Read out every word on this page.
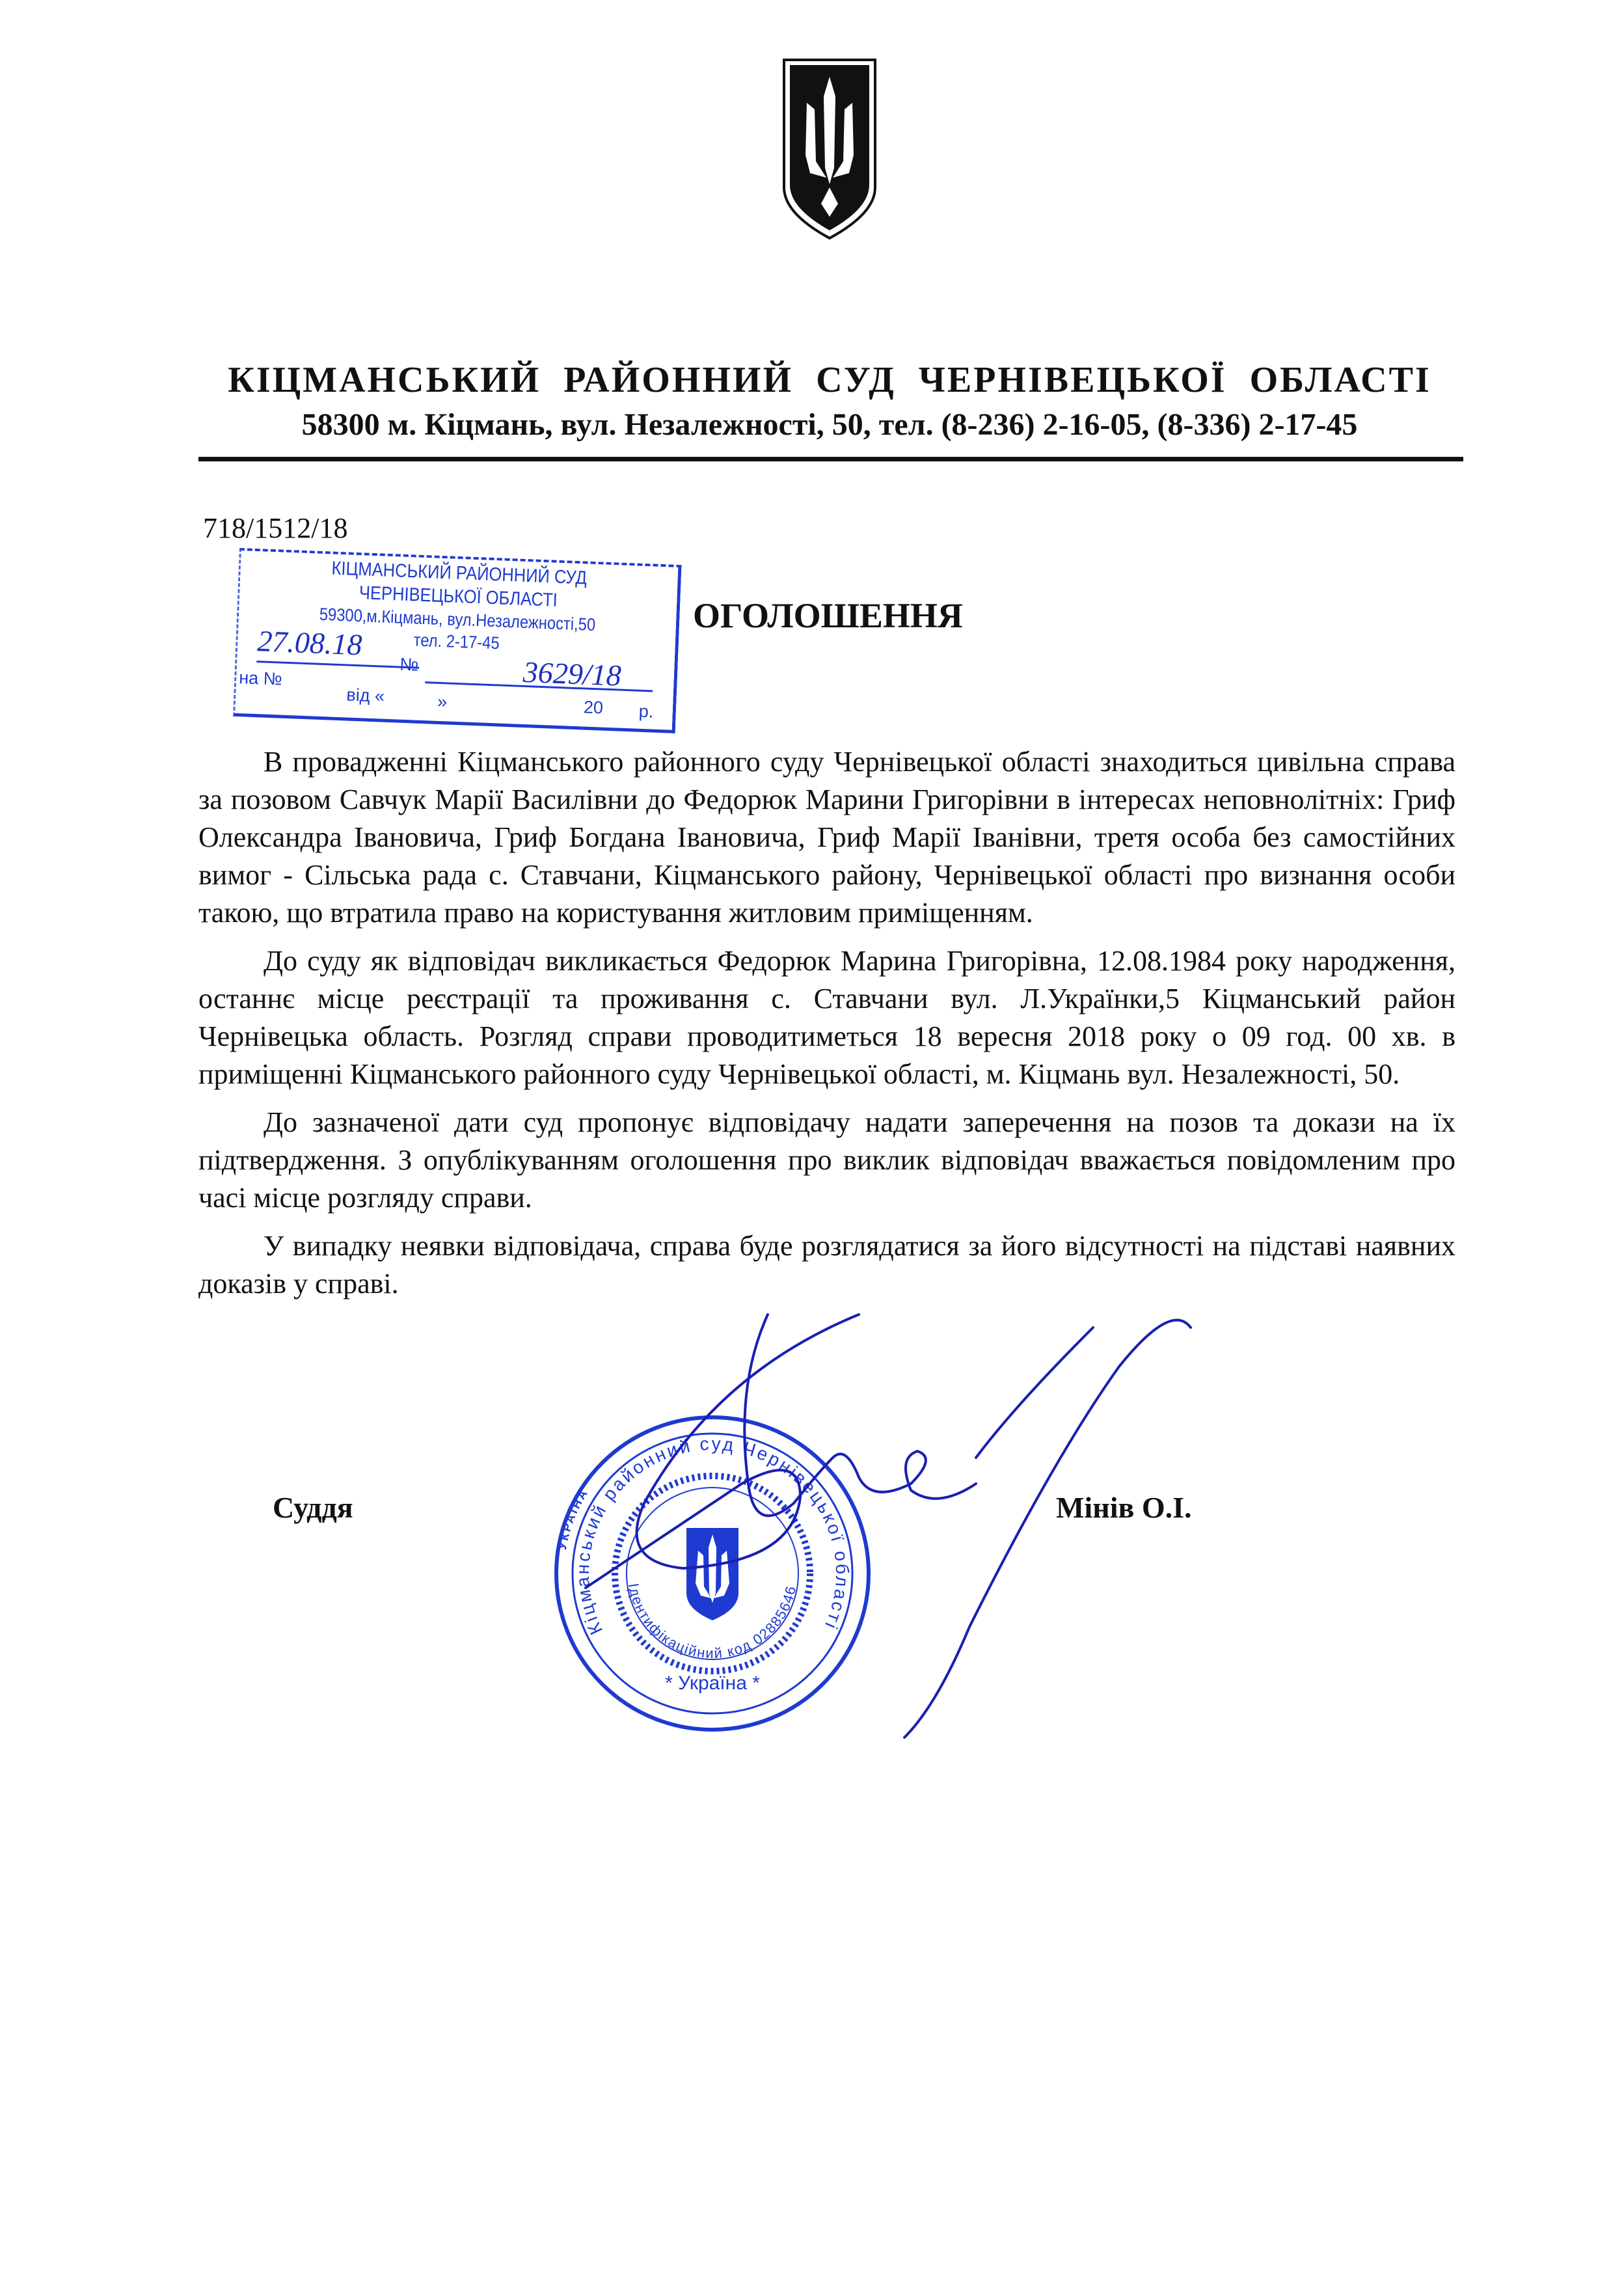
КІЦМАНСЬКИЙ РАЙОННИЙ СУД ЧЕРНІВЕЦЬКОЇ ОБЛАСТІ
58300 м. Кіцмань, вул. Незалежності, 50, тел. (8-236) 2-16-05, (8-336) 2-17-45
718/1512/18
КІЦМАНСЬКИЙ РАЙОННИЙ СУД
ЧЕРНІВЕЦЬКОЇ ОБЛАСТІ
59300,м.Кіцмань, вул.Незалежності,50
тел. 2-17-45
27.08.18
№	3629/18
на №
від «	»	20 р.
ОГОЛОШЕННЯ

В провадженні Кіцманського районного суду Чернівецької області знаходиться цивільна справа за позовом Савчук Марії Василівни до Федорюк Марини Григорівни в інтересах неповнолітніх: Гриф Олександра Івановича, Гриф Богдана Івановича, Гриф Марії Іванівни, третя особа без самостійних вимог - Сільська рада с. Ставчани, Кіцманського району, Чернівецької області про визнання особи такою, що втратила право на користування житловим приміщенням.

До суду як відповідач викликається Федорюк Марина Григорівна, 12.08.1984 року народження, останнє місце реєстрації та проживання с. Ставчани вул. Л.Українки,5 Кіцманський район Чернівецька область. Розгляд справи проводитиметься 18 вересня 2018 року о 09 год. 00 хв. в приміщенні Кіцманського районного суду Чернівецької області, м. Кіцмань вул. Незалежності, 50.

До зазначеної дати суд пропонує відповідачу надати заперечення на позов та докази на їх підтвердження. З опублікуванням оголошення про виклик відповідач вважається повідомленим про часі місце розгляду справи.

У випадку неявки відповідача, справа буде розглядатися за його відсутності на підставі наявних доказів у справі.

Суддя	Мінів О.І.
УКРАЇНА
Кіцманський районний суд Чернівецької області
Ідентифікаційний код 02885646
* Україна *
